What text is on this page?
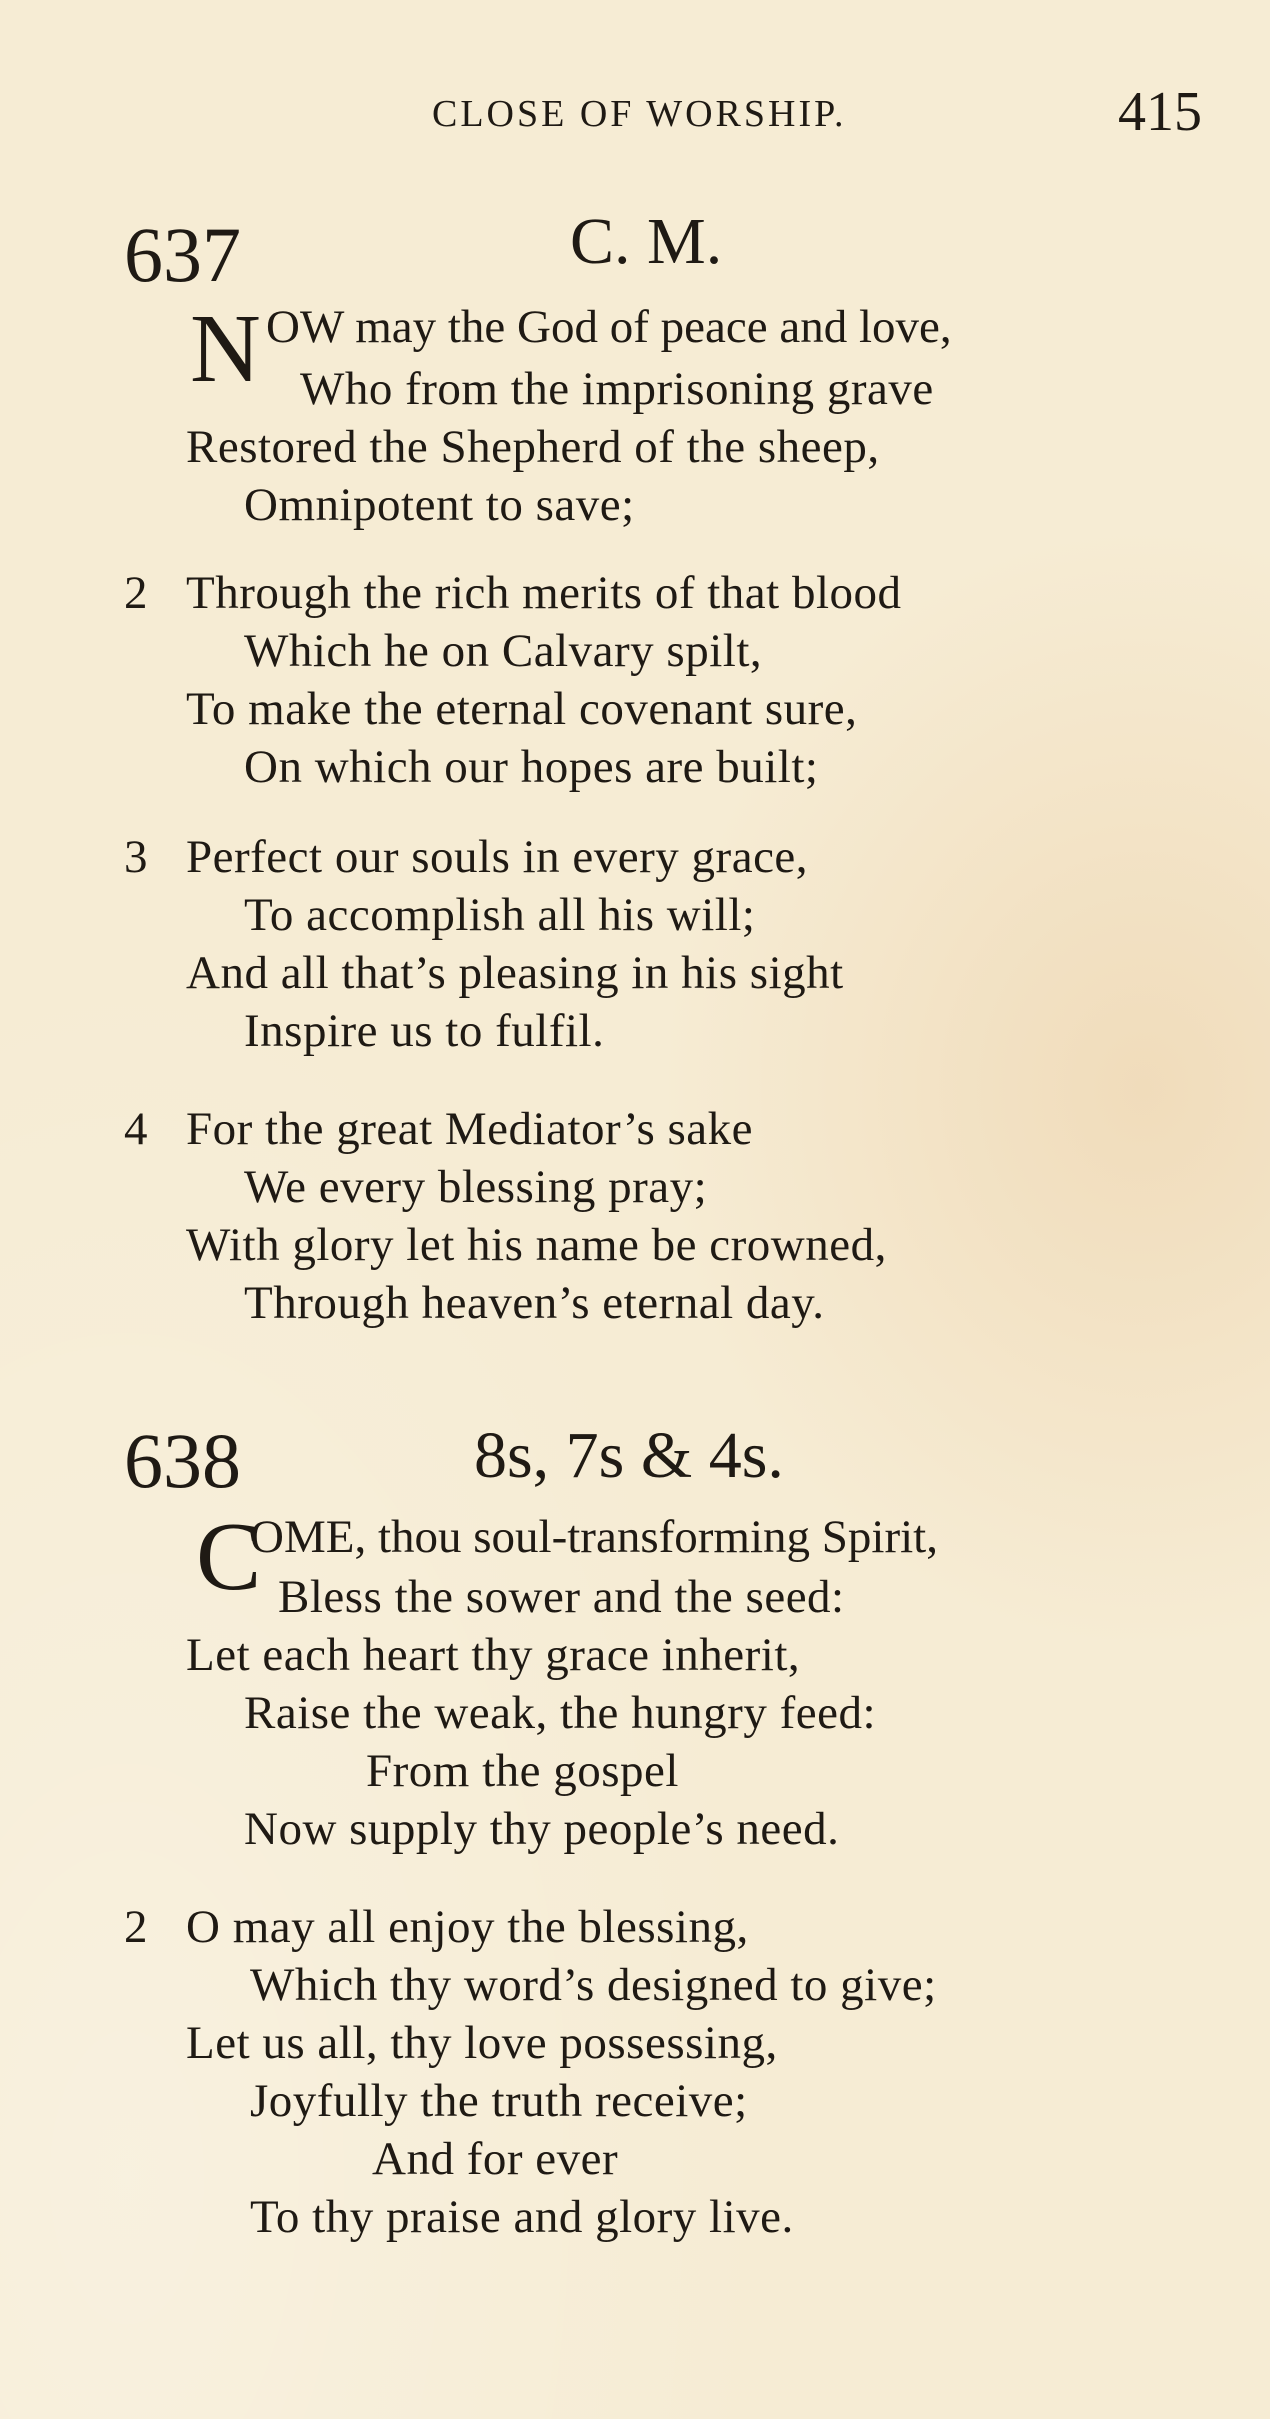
CLOSE OF WORSHIP.	415
637	C. M.
N OW may the God of peace and love,
Who from the imprisoning grave
Restored the Shepherd of the sheep,
Omnipotent to save;
2 Through the rich merits of that blood
Which he on Calvary spilt,
To make the eternal covenant sure,
On which our hopes are built;
3 Perfect our souls in every grace,
To accomplish all his will;
And all that’s pleasing in his sight
Inspire us to fulfil.
4 For the great Mediator’s sake
We every blessing pray;
With glory let his name be crowned,
Through heaven’s eternal day.
638	8s, 7s & 4s.
C
OME, thou soul-transforming Spirit,
Bless the sower and the seed:
Let each heart thy grace inherit,
Raise the weak, the hungry feed:
From the gospel
Now supply thy people’s need.
2 O may all enjoy the blessing,
Which thy word’s designed to give;
Let us all, thy love possessing,
Joyfully the truth receive;
And for ever
To thy praise and glory live.
